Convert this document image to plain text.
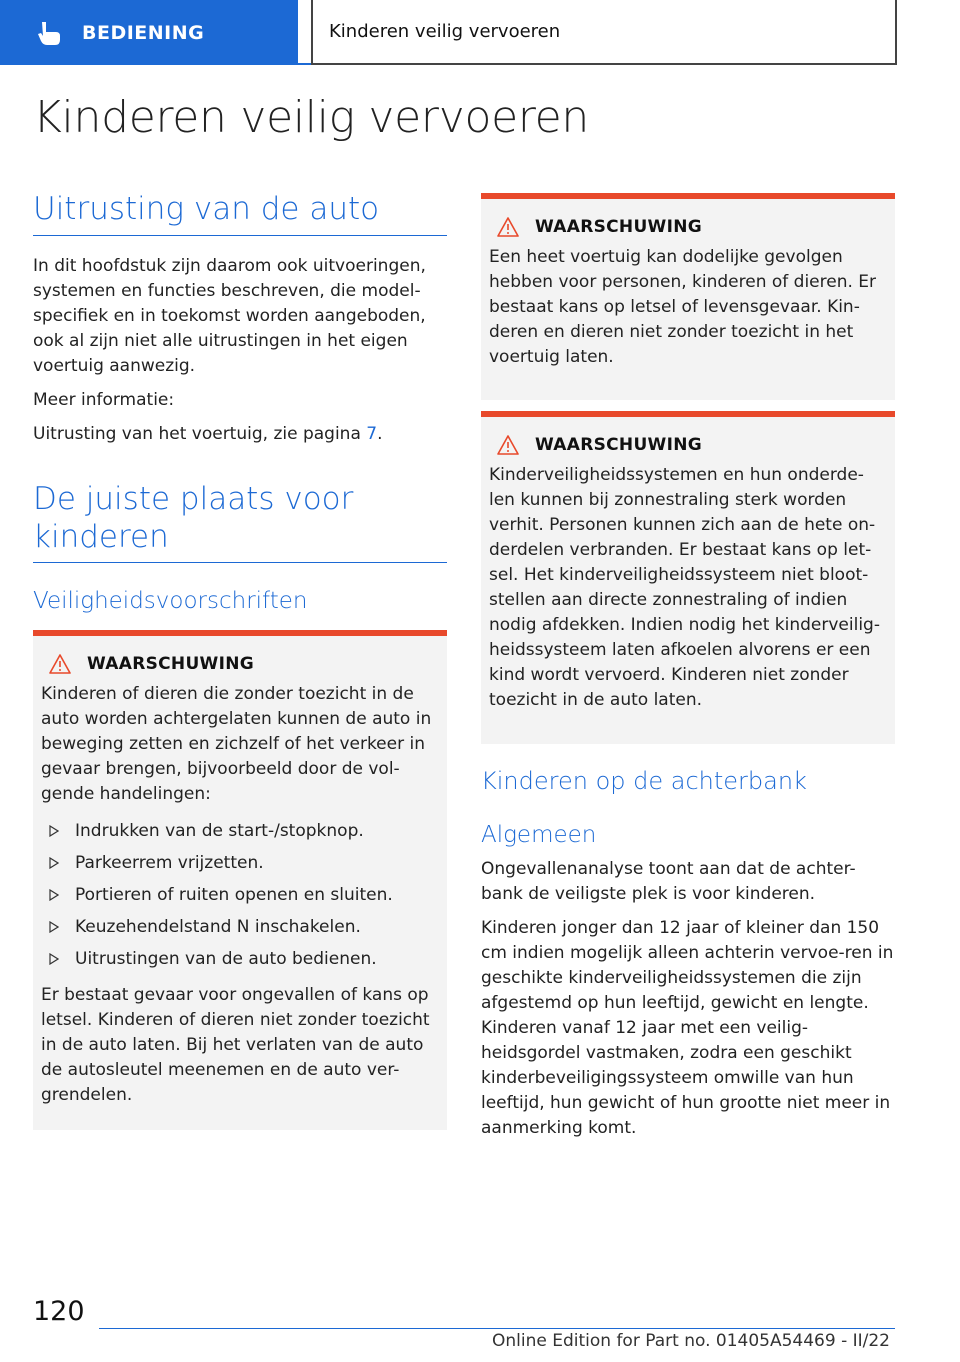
BEDIENING	Kinderen veilig vervoeren
Kinderen veilig vervoeren
Uitrusting van de auto

In dit hoofdstuk zijn daarom ook uitvoeringen, systemen en functies beschreven, die model-specifiek en in toekomst worden aangeboden, ook al zijn niet alle uitrustingen in het eigen voertuig aanwezig.

Meer informatie:

Uitrusting van het voertuig, zie pagina 7.

De juiste plaats voor
kinderen
Veiligheidsvoorschriften
WAARSCHUWING

Kinderen of dieren die zonder toezicht in de auto worden achtergelaten kunnen de auto in beweging zetten en zichzelf of het verkeer in gevaar brengen, bijvoorbeeld door de vol-gende handelingen:

Indrukken van de start-/stopknop.
Parkeerrem vrijzetten.
Portieren of ruiten openen en sluiten.
Keuzehendelstand N inschakelen.
Uitrustingen van de auto bedienen.

Er bestaat gevaar voor ongevallen of kans op letsel. Kinderen of dieren niet zonder toezicht in de auto laten. Bij het verlaten van de auto de autosleutel meenemen en de auto ver-grendelen.

WAARSCHUWING
Een heet voertuig kan dodelijke gevolgen hebben voor personen, kinderen of dieren. Er bestaat kans op letsel of levensgevaar. Kin-deren en dieren niet zonder toezicht in het voertuig laten.
WAARSCHUWING
Kinderveiligheidssystemen en hun onderde-len kunnen bij zonnestraling sterk worden verhit. Personen kunnen zich aan de hete on-derdelen verbranden. Er bestaat kans op let-sel. Het kinderveiligheidssysteem niet bloot-stellen aan directe zonnestraling of indien nodig afdekken. Indien nodig het kinderveilig-heidssysteem laten afkoelen alvorens er een kind wordt vervoerd. Kinderen niet zonder toezicht in de auto laten.
Kinderen op de achterbank
Algemeen

Ongevallenanalyse toont aan dat de achter-bank de veiligste plek is voor kinderen.

Kinderen jonger dan 12 jaar of kleiner dan 150 cm indien mogelijk alleen achterin vervoe-ren in geschikte kinderveiligheidssystemen die zijn afgestemd op hun leeftijd, gewicht en lengte. Kinderen vanaf 12 jaar met een veilig-heidsgordel vastmaken, zodra een geschikt kinderbeveiligingssysteem omwille van hun leeftijd, hun gewicht of hun grootte niet meer in aanmerking komt.

120
Online Edition for Part no. 01405A54469 - II/22
